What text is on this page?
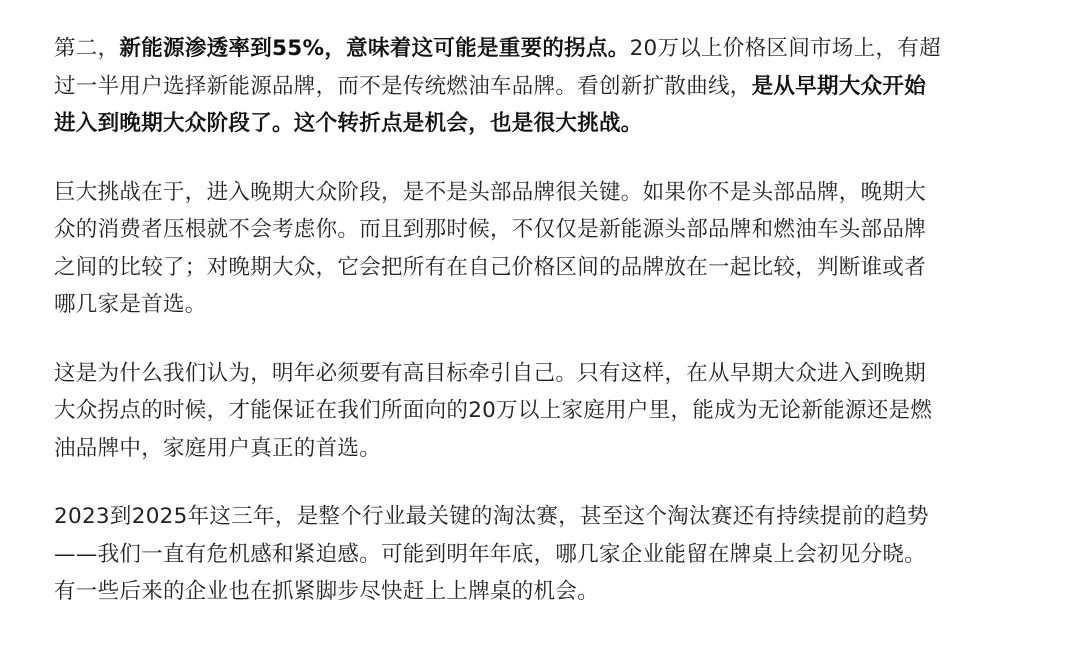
第二，新能源渗透率到55%，意味着这可能是重要的拐点。20万以上价格区间市场上，有超
过一半用户选择新能源品牌，而不是传统燃油车品牌。看创新扩散曲线，是从早期大众开始
进入到晚期大众阶段了。这个转折点是机会，也是很大挑战。

巨大挑战在于，进入晚期大众阶段，是不是头部品牌很关键。如果你不是头部品牌，晚期大
众的消费者压根就不会考虑你。而且到那时候，不仅仅是新能源头部品牌和燃油车头部品牌
之间的比较了；对晚期大众，它会把所有在自己价格区间的品牌放在一起比较，判断谁或者
哪几家是首选。

这是为什么我们认为，明年必须要有高目标牵引自己。只有这样，在从早期大众进入到晚期
大众拐点的时候，才能保证在我们所面向的20万以上家庭用户里，能成为无论新能源还是燃
油品牌中，家庭用户真正的首选。

2023到2025年这三年，是整个行业最关键的淘汰赛，甚至这个淘汰赛还有持续提前的趋势
——我们一直有危机感和紧迫感。可能到明年年底，哪几家企业能留在牌桌上会初见分晓。
有一些后来的企业也在抓紧脚步尽快赶上上牌桌的机会。
